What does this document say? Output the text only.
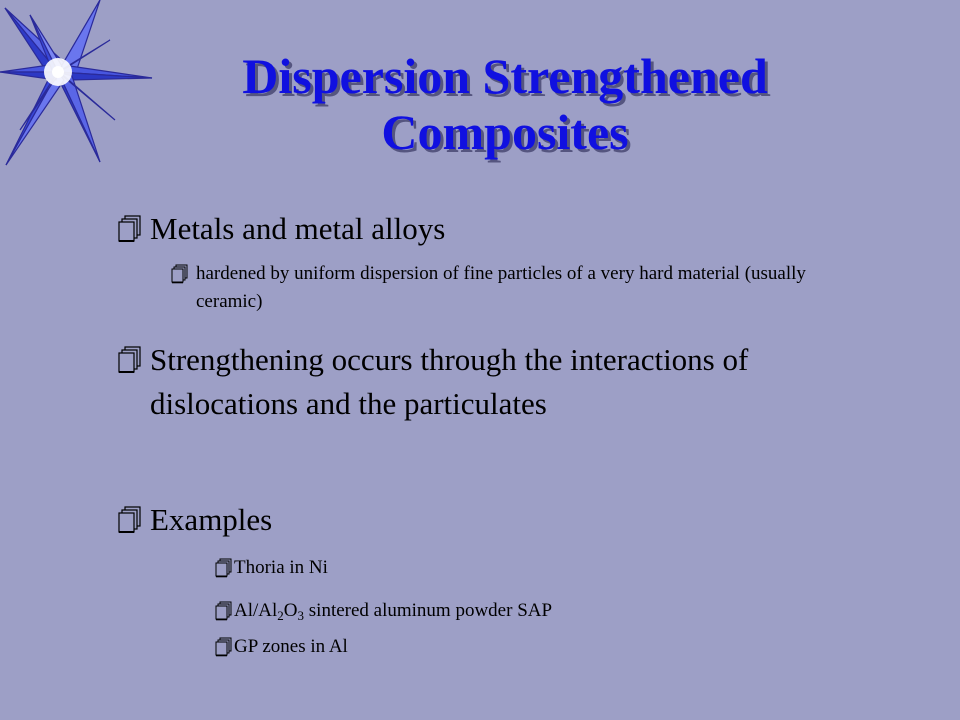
Dispersion Strengthened
Composites
Metals and metal alloys
hardened by uniform dispersion of fine particles of a very hard material (usually ceramic)
Strengthening occurs through the interactions of dislocations and the particulates
Examples
Thoria in Ni
$Al/Al_2O_3$ sintered aluminum powder SAP
GP zones in Al
